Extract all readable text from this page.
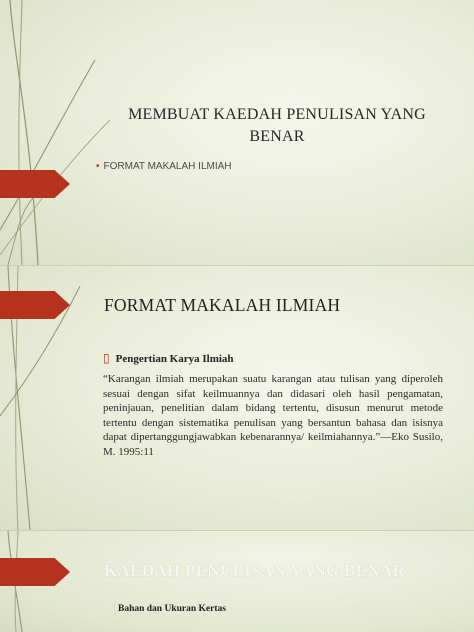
MEMBUAT KAEDAH PENULISAN YANG BENAR
• FORMAT MAKALAH ILMIAH
FORMAT MAKALAH ILMIAH
▯ Pengertian Karya Ilmiah
“Karangan ilmiah merupakan suatu karangan atau tulisan yang diperoleh sesuai dengan sifat keilmuannya dan didasari oleh hasil pengamatan, peninjauan, penelitian dalam bidang tertentu, disusun menurut metode tertentu dengan sistematika penulisan yang bersantun bahasa dan isisnya dapat dipertanggungjawabkan kebenarannya/ keilmiahannya.”—Eko Susilo, M. 1995:11
KAEDAH PENULISAN YANG BENAR
Bahan dan Ukuran Kertas
